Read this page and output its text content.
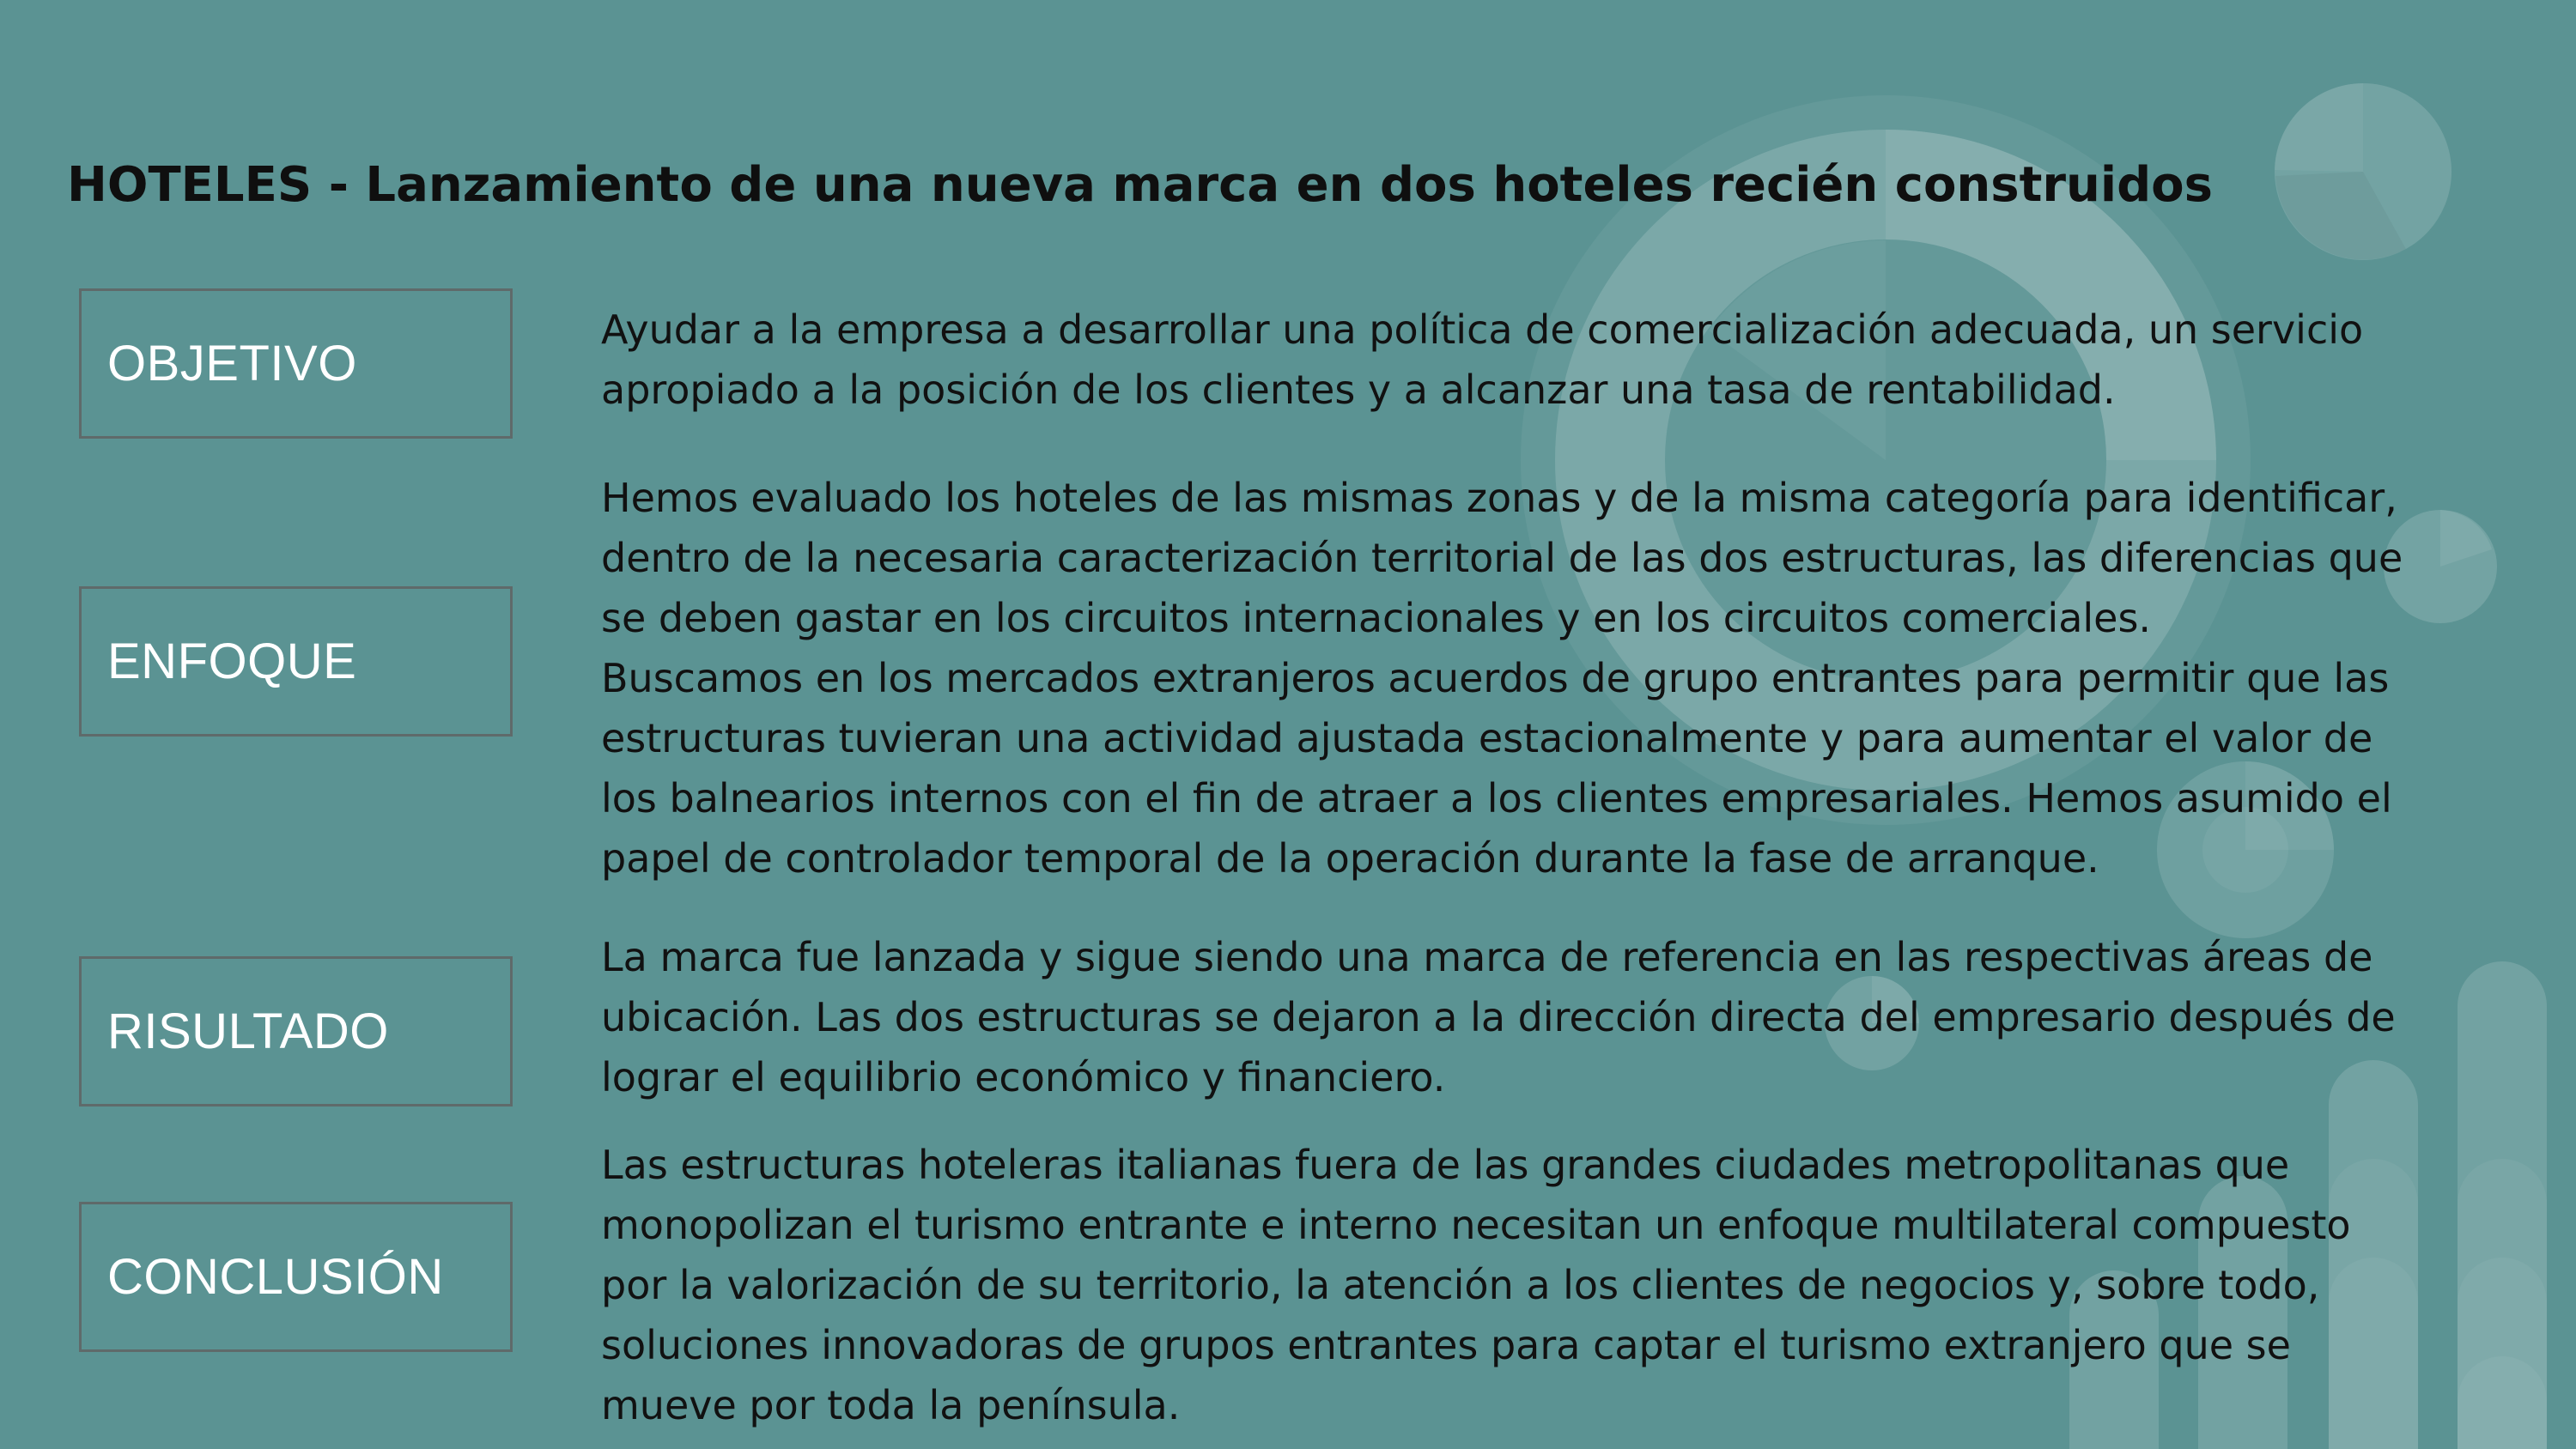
HOTELES - Lanzamiento de una nueva marca en dos hoteles recién construidos
OBJETIVO

Ayudar a la empresa a desarrollar una política de comercialización adecuada, un servicio
apropiado a la posición de los clientes y a alcanzar una tasa de rentabilidad.

ENFOQUE

Hemos evaluado los hoteles de las mismas zonas y de la misma categoría para identificar,
dentro de la necesaria caracterización territorial de las dos estructuras, las diferencias que
se deben gastar en los circuitos internacionales y en los circuitos comerciales.
Buscamos en los mercados extranjeros acuerdos de grupo entrantes para permitir que las
estructuras tuvieran una actividad ajustada estacionalmente y para aumentar el valor de
los balnearios internos con el fin de atraer a los clientes empresariales. Hemos asumido el
papel de controlador temporal de la operación durante la fase de arranque.

RISULTADO

La marca fue lanzada y sigue siendo una marca de referencia en las respectivas áreas de
ubicación. Las dos estructuras se dejaron a la dirección directa del empresario después de
lograr el equilibrio económico y financiero.

CONCLUSIÓN

Las estructuras hoteleras italianas fuera de las grandes ciudades metropolitanas que
monopolizan el turismo entrante e interno necesitan un enfoque multilateral compuesto
por la valorización de su territorio, la atención a los clientes de negocios y, sobre todo,
soluciones innovadoras de grupos entrantes para captar el turismo extranjero que se
mueve por toda la península.
